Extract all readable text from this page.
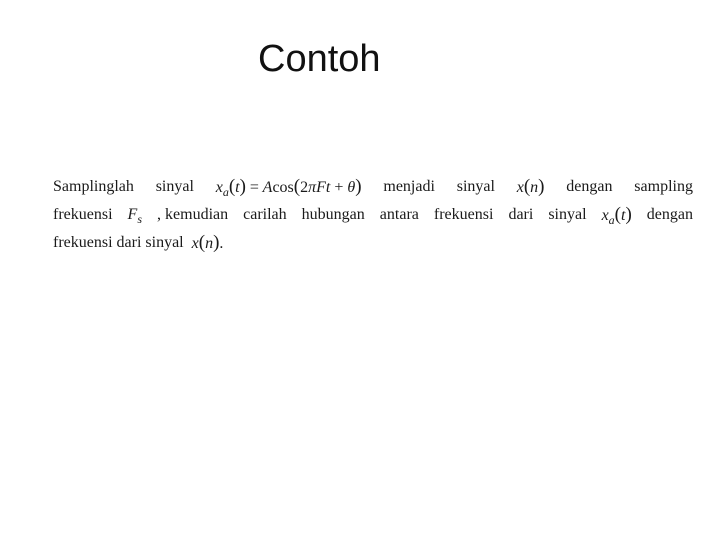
Contoh
Samplinglah sinyal $x_a(t) = Acos(2\pi Ft + \theta)$ menjadi sinyal x(n) dengan sampling
frekuensi $F_s$ , kemudian carilah hubungan antara frekuensi dari sinyal $x_a(t)$ dengan
frekuensi dari sinyal x(n).
